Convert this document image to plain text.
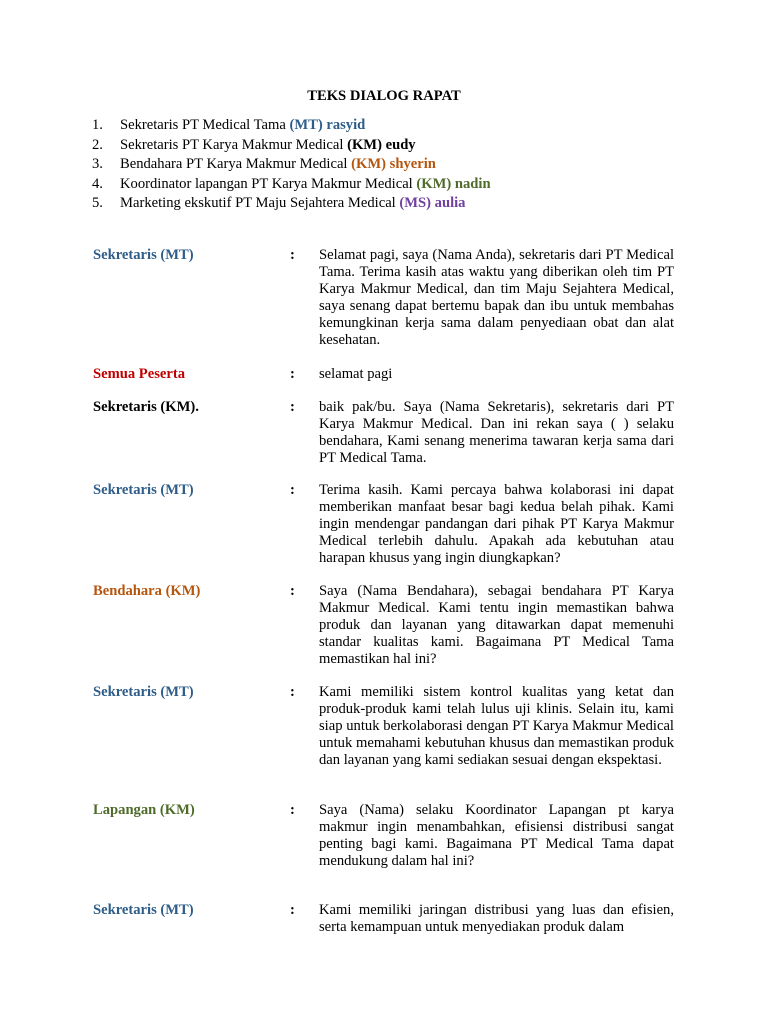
TEKS DIALOG RAPAT
1. Sekretaris PT Medical Tama (MT) rasyid
2. Sekretaris PT Karya Makmur Medical (KM) eudy
3. Bendahara PT Karya Makmur Medical (KM) shyerin
4. Koordinator lapangan PT Karya Makmur Medical (KM) nadin
5. Marketing ekskutif PT Maju Sejahtera Medical (MS) aulia
Sekretaris (MT)	: Selamat pagi, saya (Nama Anda), sekretaris dari PT Medical Tama. Terima kasih atas waktu yang diberikan oleh tim PT Karya Makmur Medical, dan tim Maju Sejahtera Medical, saya senang dapat bertemu bapak dan ibu untuk membahas kemungkinan kerja sama dalam penyediaan obat dan alat kesehatan.

Semua Peserta	: selamat pagi

Sekretaris (KM).	: baik pak/bu. Saya (Nama Sekretaris), sekretaris dari PT Karya Makmur Medical. Dan ini rekan saya ( ) selaku bendahara, Kami senang menerima tawaran kerja sama dari PT Medical Tama.

Sekretaris (MT)	: Terima kasih. Kami percaya bahwa kolaborasi ini dapat memberikan manfaat besar bagi kedua belah pihak. Kami ingin mendengar pandangan dari pihak PT Karya Makmur Medical terlebih dahulu. Apakah ada kebutuhan atau harapan khusus yang ingin diungkapkan?

Bendahara (KM)	: Saya (Nama Bendahara), sebagai bendahara PT Karya Makmur Medical. Kami tentu ingin memastikan bahwa produk dan layanan yang ditawarkan dapat memenuhi standar kualitas kami. Bagaimana PT Medical Tama memastikan hal ini?

Sekretaris (MT)	: Kami memiliki sistem kontrol kualitas yang ketat dan produk-produk kami telah lulus uji klinis. Selain itu, kami siap untuk berkolaborasi dengan PT Karya Makmur Medical untuk memahami kebutuhan khusus dan memastikan produk dan layanan yang kami sediakan sesuai dengan ekspektasi.

Lapangan (KM)	: Saya (Nama) selaku Koordinator Lapangan pt karya makmur ingin menambahkan, efisiensi distribusi sangat penting bagi kami. Bagaimana PT Medical Tama dapat mendukung dalam hal ini?

Sekretaris (MT)	: Kami memiliki jaringan distribusi yang luas dan efisien, serta kemampuan untuk menyediakan produk dalam
